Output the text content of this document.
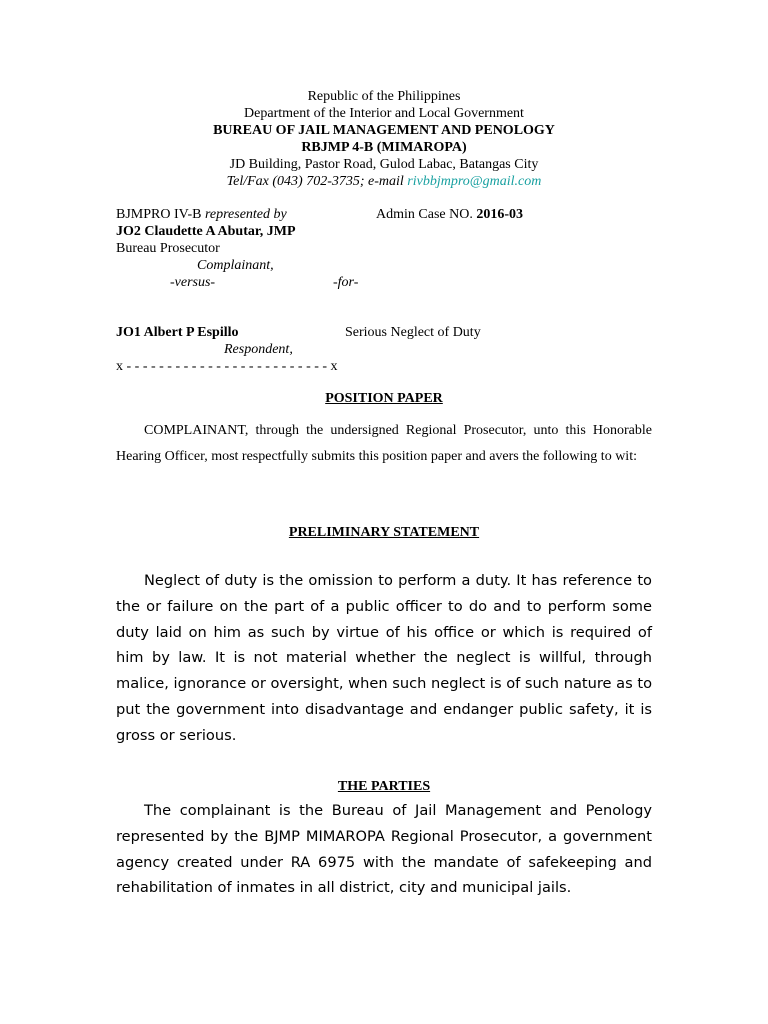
Republic of the Philippines
Department of the Interior and Local Government
BUREAU OF JAIL MANAGEMENT AND PENOLOGY
RBJMP 4-B (MIMAROPA)
JD Building, Pastor Road, Gulod Labac, Batangas City
Tel/Fax (043) 702-3735; e-mail rivbbjmpro@gmail.com
BJMPRO IV-B represented by	Admin Case NO. 2016-03
JO2 Claudette A Abutar, JMP
Bureau Prosecutor
Complainant,
-versus-	-for-
JO1 Albert P Espillo	Serious Neglect of Duty
Respondent,
x - - - - - - - - - - - - - - - - - - - - - - - - - x
POSITION PAPER

COMPLAINANT, through the undersigned Regional Prosecutor, unto this Honorable Hearing Officer, most respectfully submits this position paper and avers the following to wit:

PRELIMINARY STATEMENT

Neglect of duty is the omission to perform a duty. It has reference to the or failure on the part of a public officer to do and to perform some duty laid on him as such by virtue of his office or which is required of him by law. It is not material whether the neglect is willful, through malice, ignorance or oversight, when such neglect is of such nature as to put the government into disadvantage and endanger public safety, it is gross or serious.

THE PARTIES

The complainant is the Bureau of Jail Management and Penology represented by the BJMP MIMAROPA Regional Prosecutor, a government agency created under RA 6975 with the mandate of safekeeping and rehabilitation of inmates in all district, city and municipal jails.
